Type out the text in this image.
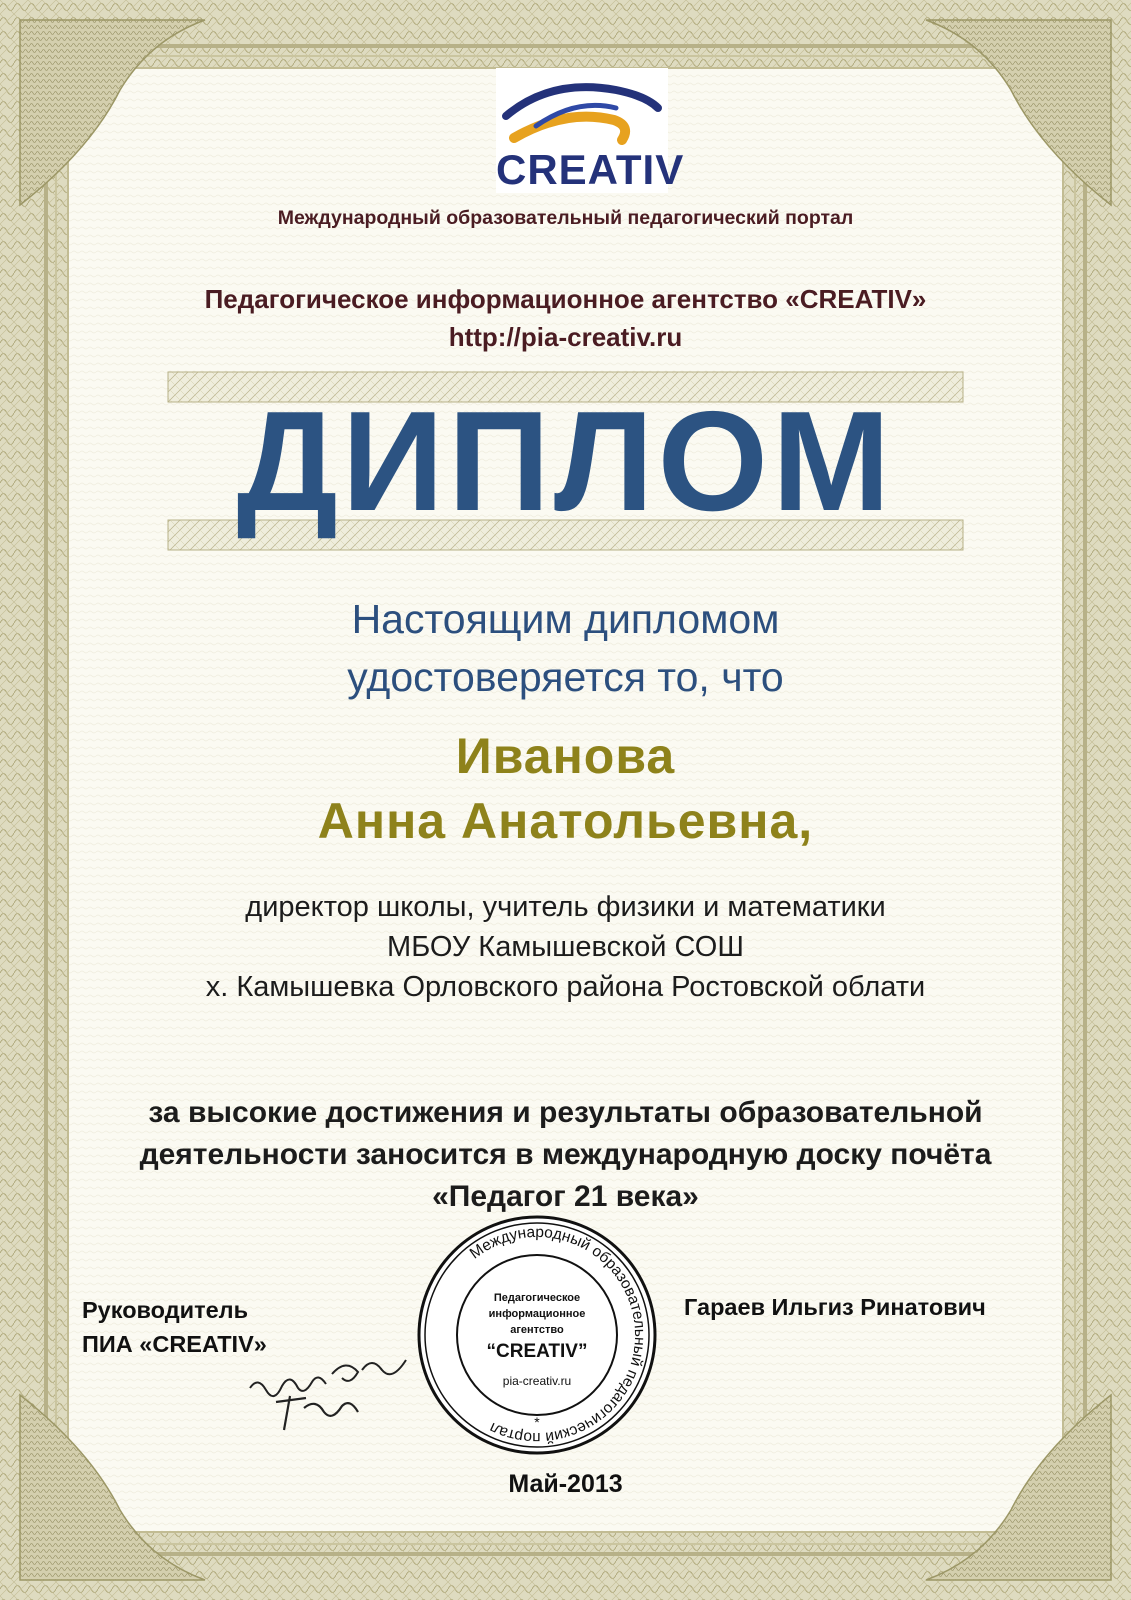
CREATIV
Международный образовательный педагогический портал
Педагогическое информационное агентство «CREATIV»
http://pia-creativ.ru
ДИПЛОМ
Настоящим дипломом
удостоверяется то, что
Иванова
Анна Анатольевна,
директор школы, учитель физики и математики
МБОУ Камышевской СОШ
х. Камышевка Орловского района Ростовской облати
за высокие достижения и результаты образовательной
деятельности заносится в международную доску почёта
«Педагог 21 века»
Руководитель
ПИА «CREATIV»
Международный образовательный педагогический портал	*
Педагогическое
информационное
агентство
“CREATIV”
pia-creativ.ru
Гараев Ильгиз Ринатович
Май-2013
